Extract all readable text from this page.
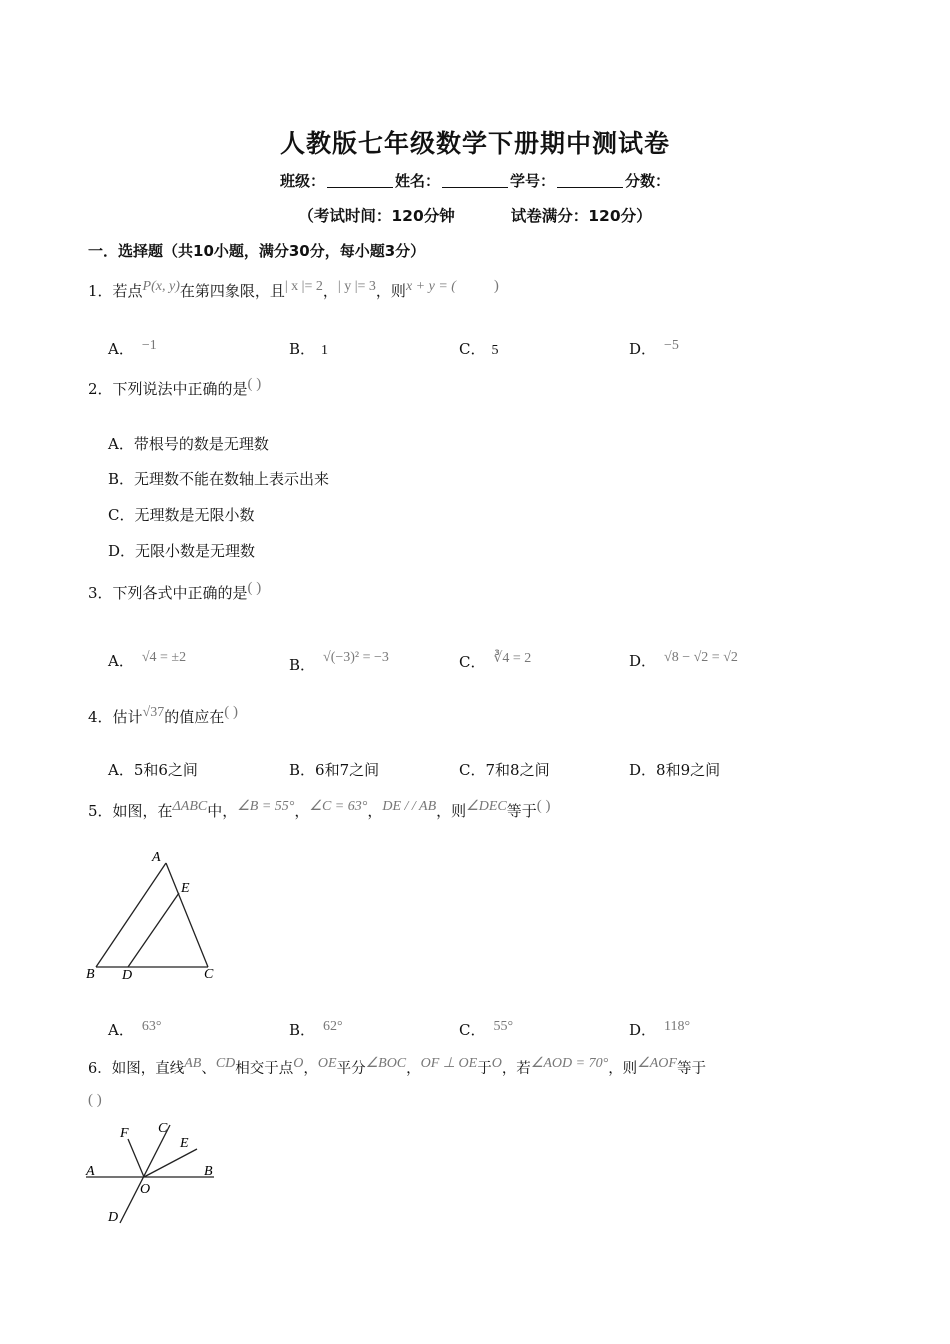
人教版七年级数学下册期中测试卷
班级：	姓名：	学号：	分数：
（考试时间：120分钟	试卷满分：120分）
一．选择题（共10小题，满分30分，每小题3分）
1．若点P(x, y)在第四象限，且| x |= 2，| y |= 3，则x + y = (	)
A． −1	B． 1	C． 5	D． −5
2．下列说法中正确的是( )
A．带根号的数是无理数
B．无理数不能在数轴上表示出来
C．无理数是无限小数
D．无限小数是无理数
3．下列各式中正确的是( )
A． √4 = ±2	B． √(−3)² = −3	C． ∛4 = 2	D． √8 − √2 = √2
4．估计√37的值应在( )
A．5和6之间	B．6和7之间	C．7和8之间	D．8和9之间
5．如图，在ΔABC中，∠B = 55°，∠C = 63°，DE / / AB，则∠DEC等于( )
A
E
B D	C
A． 63°	B． 62°	C． 55°	D． 118°
6．如图，直线AB、CD相交于点O，OE平分∠BOC，OF ⊥ OE于O，若∠AOD = 70°，则∠AOF等于
( )
F C
E
A	B
O
D
